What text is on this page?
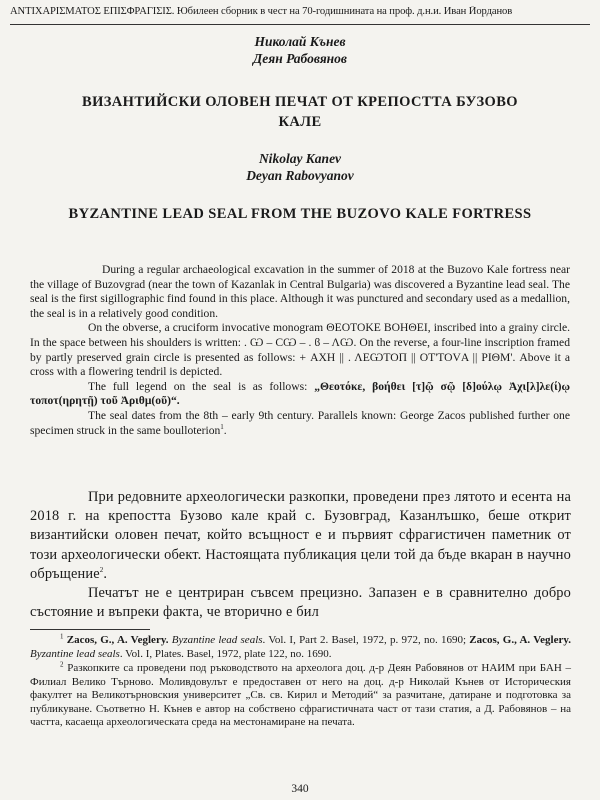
ΑΝΤΙΧΑΡΙΣΜΑΤΟΣ ΕΠΙΣΦΡΑΓΙΣΙΣ. Юбилеен сборник в чест на 70-годишнината на проф. д.н.и. Иван Йорданов
Николай Кънев
Деян Рабовянов
ВИЗАНТИЙСКИ ОЛОВЕН ПЕЧАТ ОТ КРЕПОСТТА БУЗОВО
КАЛЕ
Nikolay Kanev
Deyan Rabovyanov
BYZANTINE LEAD SEAL FROM THE BUZOVO KALE FORTRESS

During a regular archaeological excavation in the summer of 2018 at the Buzovo Kale fortress near the village of Buzovgrad (near the town of Kazanlak in Central Bulgaria) was discovered a Byzantine lead seal. The seal is the first sigillographic find found in this place. Although it was punctured and secondary used as a medallion, the seal is in a relatively good condition.

On the obverse, a cruciform invocative monogram ΘΕΟΤΟΚΕ ΒΟΗΘΕΙ, inscribed into a grainy circle. In the space between his shoulders is written: . Ѡ – CѠ – . ϐ – ΛѠ. On the reverse, a four-line inscription framed by partly preserved grain circle is presented as follows: + ΑΧΗ || . ΛΕѠΤΟΠ || ΟΤ'ΤΟVΑ || ΡΙΘΜ'. Above it a cross with a flowering tendril is depicted.

The full legend on the seal is as follows: „Θεοτόκε, βοήθει [τ]ῷ σῷ [δ]ούλῳ Ἀχι[λ]λε(ί)ῳ τοποτ(ηρητῇ) τοῦ Ἀριθμ(οῦ)“.

The seal dates from the 8th – early 9th century. Parallels known: George Zacos published further one specimen struck in the same boulloterion$^1$.

При редовните археологически разкопки, проведени през лятото и есента на 2018 г. на крепостта Бузово кале край с. Бузовград, Казанлъшко, беше открит византийски оловен печат, който всъщност е и първият сфрагистичен паметник от този археологически обект. Настоящата публикация цели той да бъде вкаран в научно обръщение$^2$.

Печатът не е центриран съвсем прецизно. Запазен е в сравнително добро състояние и въпреки факта, че вторично е бил

$^1$ Zacos, G., A. Veglery. Byzantine lead seals. Vol. I, Part 2. Basel, 1972, p. 972, no. 1690; Zacos, G., A. Veglery. Byzantine lead seals. Vol. I, Plates. Basel, 1972, plate 122, no. 1690.

$^2$ Разкопките са проведени под ръководството на археолога доц. д-р Деян Рабовянов от НАИМ при БАН – Филиал Велико Търново. Моливдовулът е предоставен от него на доц. д-р Николай Кънев от Историческия факултет на Великотърновския университет „Св. св. Кирил и Методий“ за разчитане, датиране и подготовка за публикуване. Съответно Н. Кънев е автор на собствено сфрагистичната част от тази статия, а Д. Рабовянов – на частта, касаеща археологическата среда на местонамиране на печата.

340
